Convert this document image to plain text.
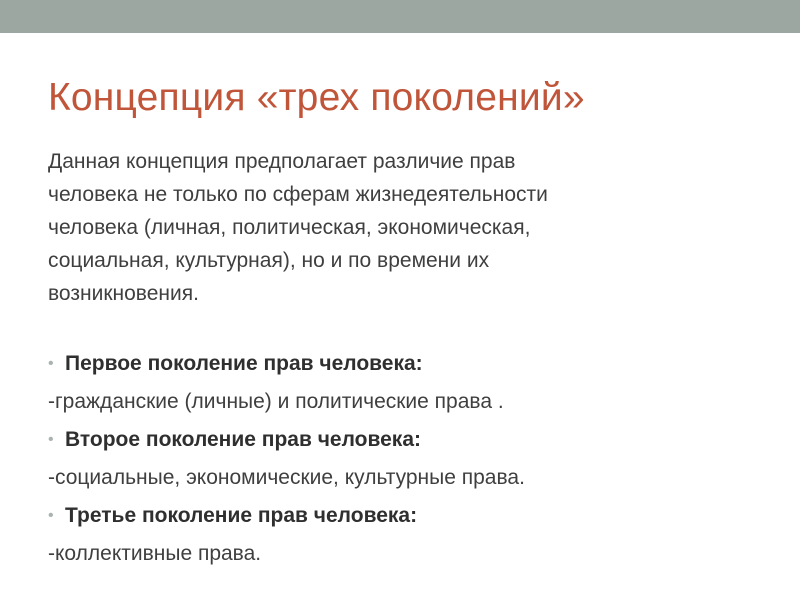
Концепция «трех поколений»

Данная концепция предполагает различие прав
человека не только по сферам жизнедеятельности
человека (личная, политическая, экономическая,
социальная, культурная), но и по времени их
возникновения.

• Первое поколение прав человека:
-гражданские (личные) и политические права .
• Второе поколение прав человека:
-социальные, экономические, культурные права.
• Третье поколение прав человека:
-коллективные права.
